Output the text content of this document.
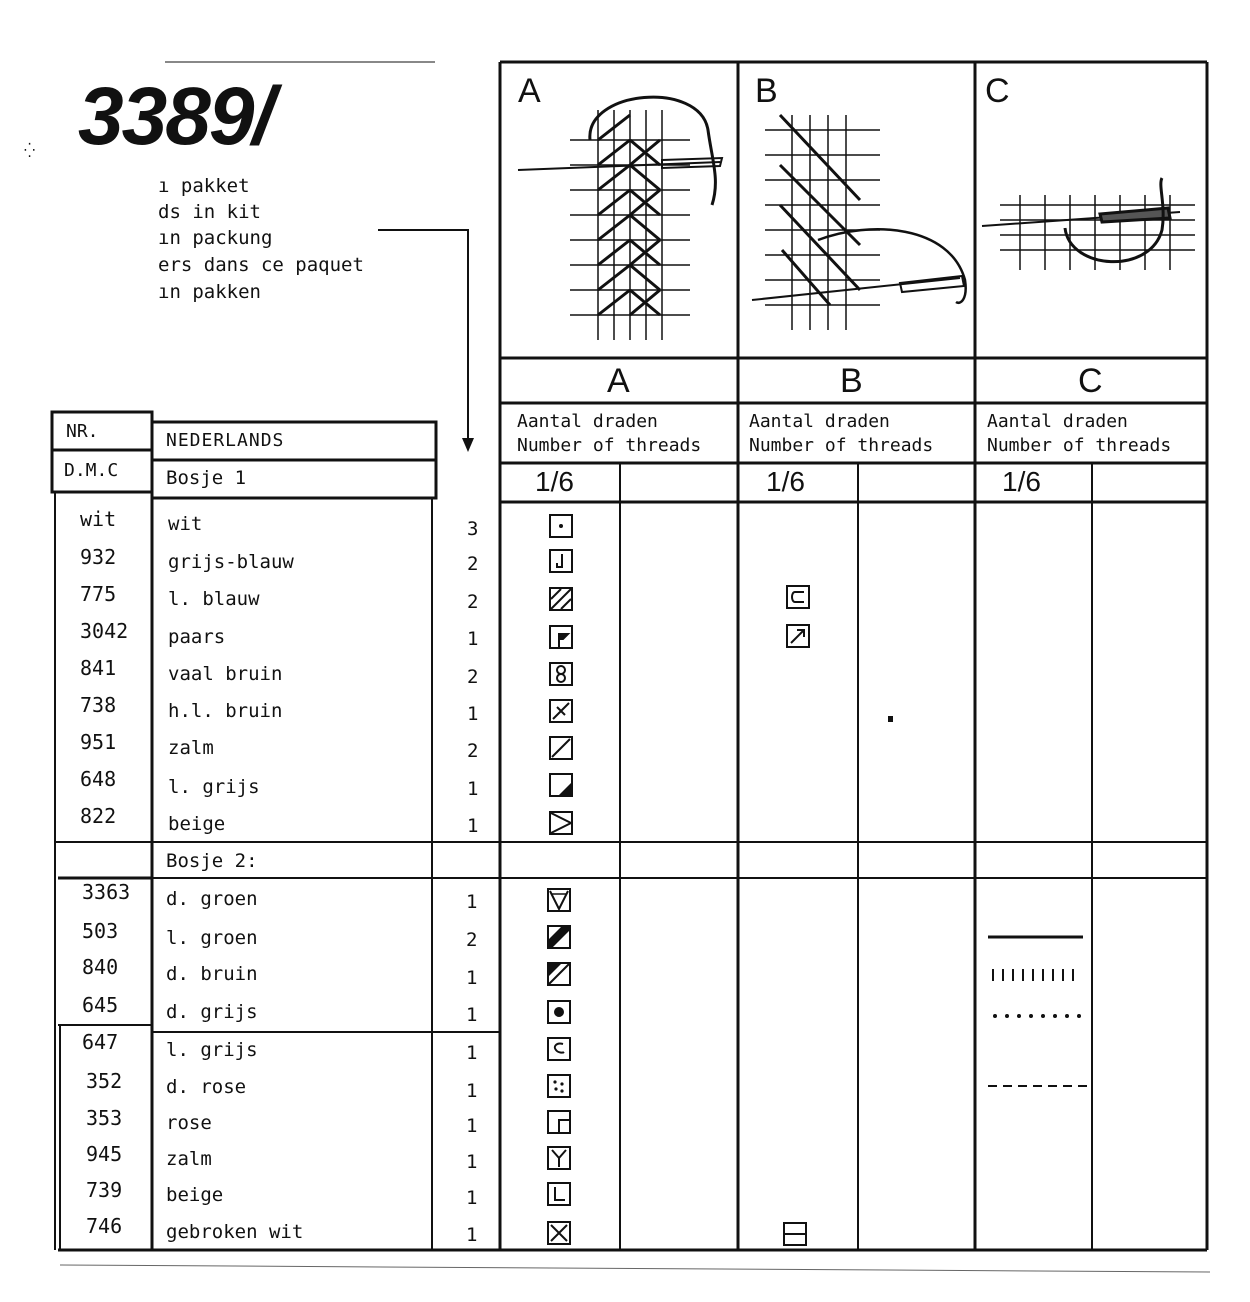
3389/
⁛
ı pakket
ds in kit
ın packung
ers dans ce paquet
ın pakken
A	B	C
A	B	C
Aantal draden
Number of threads
Aantal draden
Number of threads
Aantal draden
Number of threads
1/6	1/6	1/6
NR.
D.M.C
NEDERLANDS
Bosje 1
Bosje 2:
wit	wit	3
932	grijs-blauw	2
775	l. blauw	2
3042 paars	1
841	vaal bruin	2
738	h.l. bruin	1
951	zalm	2
648	l. grijs	1
822	beige	1
3363 d. groen	1
503	l. groen	2
840	d. bruin	1
645	d. grijs	1
647	l. grijs	1
352 d. rose	1
353 rose	1
945 zalm	1
739 beige	1
746 gebroken wit	1
